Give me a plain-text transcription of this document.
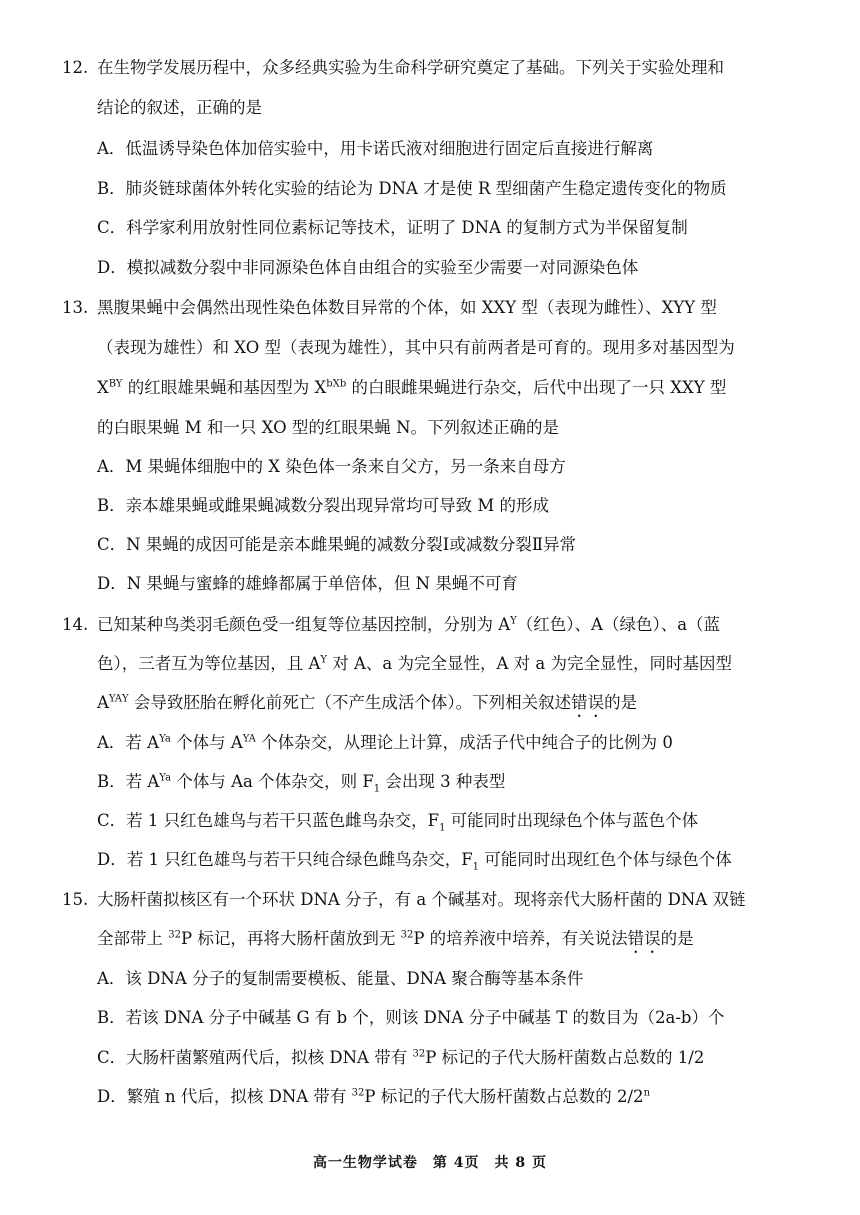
12. 在生物学发展历程中，众多经典实验为生命科学研究奠定了基础。下列关于实验处理和
结论的叙述，正确的是
A．低温诱导染色体加倍实验中，用卡诺氏液对细胞进行固定后直接进行解离
B．肺炎链球菌体外转化实验的结论为 DNA 才是使 R 型细菌产生稳定遗传变化的物质
C．科学家利用放射性同位素标记等技术，证明了 DNA 的复制方式为半保留复制
D．模拟减数分裂中非同源染色体自由组合的实验至少需要一对同源染色体
13. 黑腹果蝇中会偶然出现性染色体数目异常的个体，如 XXY 型（表现为雌性）、XYY 型
（表现为雄性）和 XO 型（表现为雄性），其中只有前两者是可育的。现用多对基因型为
$X^{BY}$ 的红眼雄果蝇和基因型为 $X^{bXb}$ 的白眼雌果蝇进行杂交，后代中出现了一只 XXY 型
的白眼果蝇 M 和一只 XO 型的红眼果蝇 N。下列叙述正确的是
A．M 果蝇体细胞中的 X 染色体一条来自父方，另一条来自母方
B．亲本雄果蝇或雌果蝇减数分裂出现异常均可导致 M 的形成
C．N 果蝇的成因可能是亲本雌果蝇的减数分裂Ⅰ或减数分裂Ⅱ异常
D．N 果蝇与蜜蜂的雄蜂都属于单倍体，但 N 果蝇不可育
14. 已知某种鸟类羽毛颜色受一组复等位基因控制，分别为 $A^Y$（红色）、A（绿色）、a（蓝
色），三者互为等位基因，且 $A^Y$ 对 A、a 为完全显性，A 对 a 为完全显性，同时基因型
$A^{YAY}$ 会导致胚胎在孵化前死亡（不产生成活个体）。下列相关叙述错误的是
A．若 $A^{Ya}$ 个体与 $A^{YA}$ 个体杂交，从理论上计算，成活子代中纯合子的比例为 0
B．若 $A^{Ya}$ 个体与 Aa 个体杂交，则 $F_1$ 会出现 3 种表型
C．若 1 只红色雄鸟与若干只蓝色雌鸟杂交，$F_1$ 可能同时出现绿色个体与蓝色个体
D．若 1 只红色雄鸟与若干只纯合绿色雌鸟杂交，$F_1$ 可能同时出现红色个体与绿色个体
15. 大肠杆菌拟核区有一个环状 DNA 分子，有 a 个碱基对。现将亲代大肠杆菌的 DNA 双链
全部带上 $^{32}$P 标记，再将大肠杆菌放到无 $^{32}$P 的培养液中培养，有关说法错误的是
A．该 DNA 分子的复制需要模板、能量、DNA 聚合酶等基本条件
B．若该 DNA 分子中碱基 G 有 b 个，则该 DNA 分子中碱基 T 的数目为（2a-b）个
C．大肠杆菌繁殖两代后，拟核 DNA 带有 $^{32}$P 标记的子代大肠杆菌数占总数的 1/2
D．繁殖 n 代后，拟核 DNA 带有 $^{32}$P 标记的子代大肠杆菌数占总数的 2/2$^n$
高一生物学试卷　第 4页　共 8 页
